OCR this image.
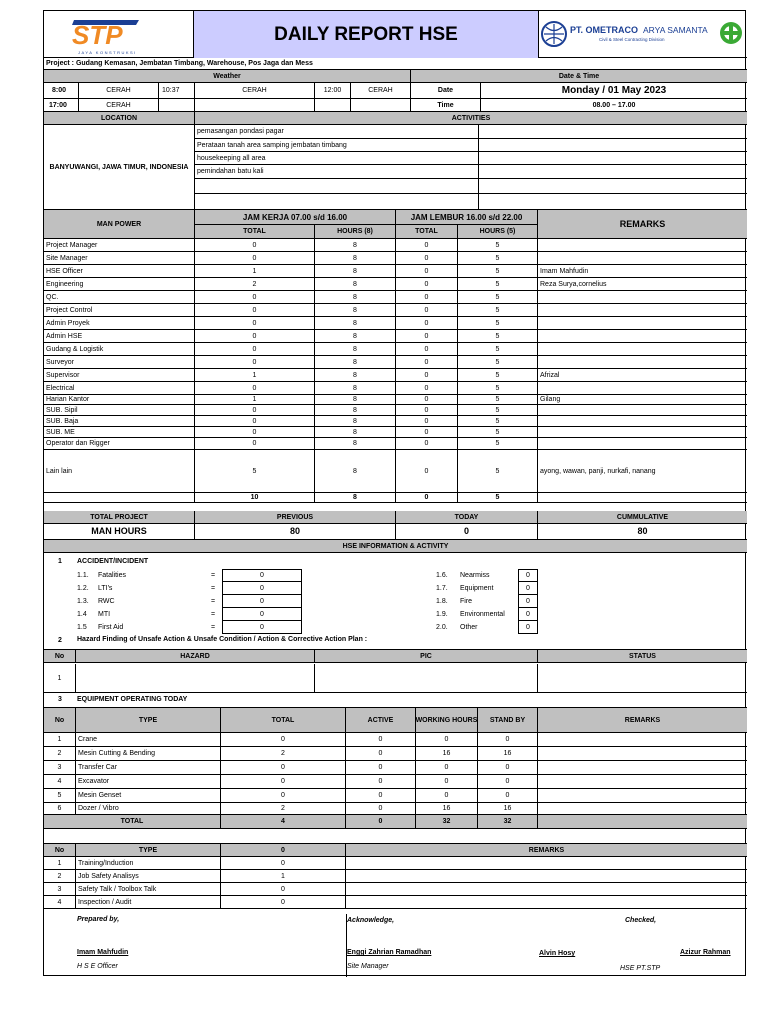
STP
JAYA KONSTRUKSI
DAILY REPORT HSE	PT. OMETRACO ARYA SAMANTA
Civil & Steel Contracting Division
Project : Gudang Kemasan, Jembatan Timbang, Warehouse, Pos Jaga dan Mess
Weather	Date & Time
8:00	CERAH	10:37	CERAH	12:00	CERAH	Date	Monday / 01 May 2023
17:00	CERAH	Time	08.00 – 17.00
LOCATION	ACTIVITIES
BANYUWANGI, JAWA TIMUR, INDONESIA
pemasangan pondasi pagar
Perataan tanah area samping jembatan timbang
housekeeping all area
pemindahan batu kali
MAN POWER
JAM KERJA 07.00 s/d 16.00	JAM LEMBUR 16.00 s/d 22.00
REMARKS
TOTAL	HOURS (8)	TOTAL	HOURS (5)
Project Manager	0	8	0	5
Site Manager	0	8	0	5
HSE Officer	1	8	0	5	Imam Mahfudin
Engineering	2	8	0	5	Reza Surya,cornelius
QC.	0	8	0	5
Project Control	0	8	0	5
Admin Proyek	0	8	0	5
Admin HSE	0	8	0	5
Gudang & Logistik	0	8	0	5
Surveyor	0	8	0	5
Supervisor	1	8	0	5	Afrizal
Electrical	0	8	0	5
Harian Kantor	1	8	0	5	Gilang
SUB. Sipil	0	8	0	5
SUB. Baja	0	8	0	5
SUB. ME	0	8	0	5
Operator dan Rigger	0	8	0	5
Lain lain	5	8	0	5	ayong, wawan, panji, nurkafi, nanang
10	8	0	5
TOTAL PROJECT	PREVIOUS	TODAY	CUMMULATIVE
MAN HOURS	80	0	80
HSE INFORMATION & ACTIVITY
1 ACCIDENT/INCIDENT
1.1. Fatalities	=	0
1.2. LTI's	=	0
1.3. RWC	=	0
1.4 MTI	=	0
1.5 First Aid	=	0
1.6. Nearmiss	0
1.7. Equipment	0
1.8. Fire	0
1.9. Environmental	0
2.0. Other	0
2 Hazard Finding of Unsafe Action & Unsafe Condition / Action & Corrective Action Plan :
No	HAZARD	PIC	STATUS
1
3 EQUIPMENT OPERATING TODAY
No	TYPE	TOTAL	ACTIVE	WORKING HOURS	STAND BY	REMARKS
1	Crane	0	0	0	0
2	Mesin Cutting & Bending	2	0	16	16
3	Transfer Car	0	0	0	0
4	Excavator	0	0	0	0
5	Mesin Genset	0	0	0	0
6	Dozer / Vibro	2	0	16	16
TOTAL	4	0	32	32
No	TYPE	0	REMARKS
1	Training/Induction	0
2	Job Safety Analisys	1
3	Safety Talk / Toolbox Talk	0
4	Inspection / Audit	0
Prepared by,	Acknowledge,	Checked,
Imam Mahfudin
H S E Officer
Enggi Zahrian Ramadhan
Site Manager
Alvin Hosy	Azizur Rahman
HSE PT.STP
